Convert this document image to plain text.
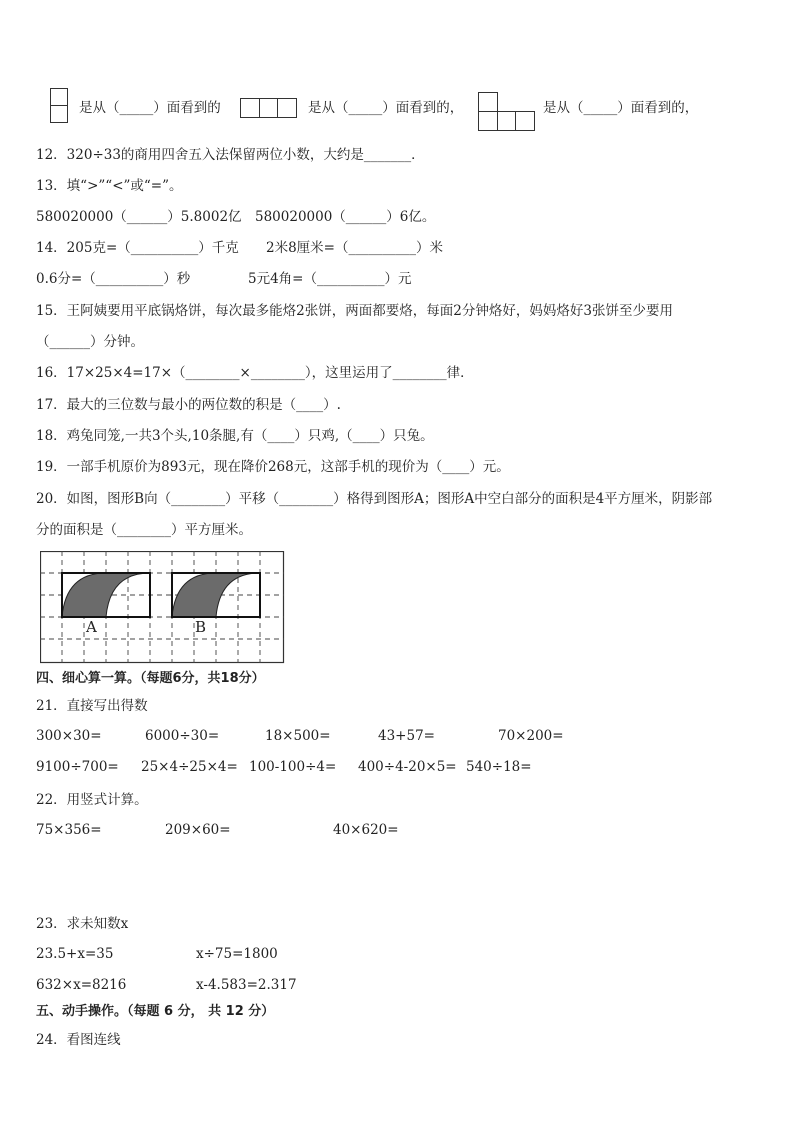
是从（_____）面看到的	是从（_____）面看到的，	是从（_____）面看到的，
12．320÷33的商用四舍五入法保留两位小数，大约是_______．
13．填“>”“<”或“=”。
580020000（______）5.8002亿 580020000（______）6亿。
14．205克=（__________）千克 2米8厘米=（__________）米
0.6分=（__________）秒	5元4角=（__________）元
15．王阿姨要用平底锅烙饼，每次最多能烙2张饼，两面都要烙，每面2分钟烙好，妈妈烙好3张饼至少要用
（______）分钟。
16．17×25×4=17×（________×________），这里运用了________律．
17．最大的三位数与最小的两位数的积是（____）.
18．鸡兔同笼,一共3个头,10条腿,有（____）只鸡,（____）只兔。
19．一部手机原价为893元，现在降价268元，这部手机的现价为（____）元。
20．如图，图形B向（________）平移（________）格得到图形A；图形A中空白部分的面积是4平方厘米，阴影部
分的面积是（________）平方厘米。
A	B
四、细心算一算。（每题6分，共18分）
21．直接写出得数
300×30=	6000÷30=	18×500=	43+57=	70×200=
9100÷700= 25×4÷25×4= 100-100÷4= 400÷4-20×5= 540÷18=
22．用竖式计算。
75×356=	209×60=	40×620=
23．求未知数x
23.5+x=35	x÷75=1800
632×x=8216	x-4.583=2.317
五、动手操作。（每题 6 分， 共 12 分）
24．看图连线
